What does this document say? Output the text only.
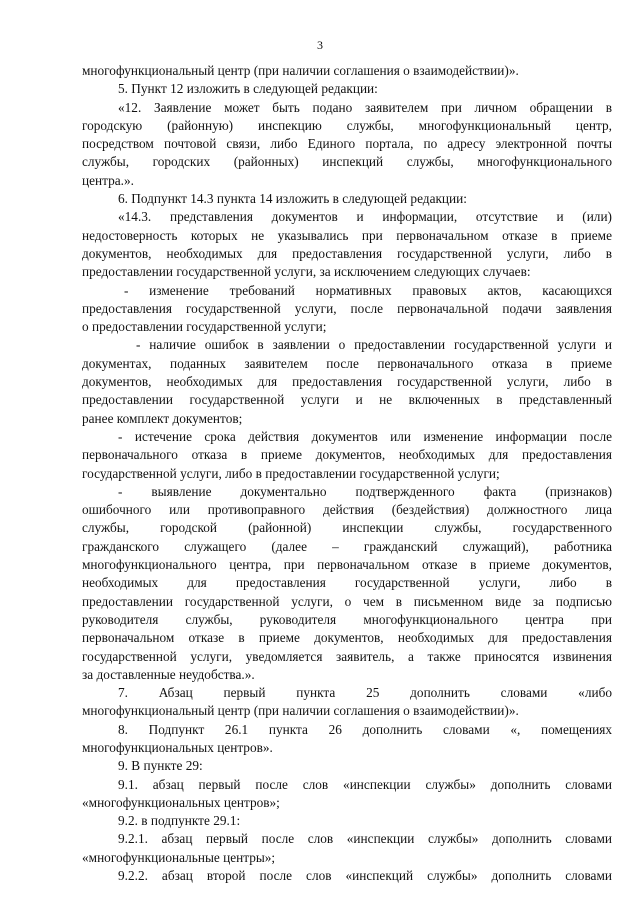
3
многофункциональный центр (при наличии соглашения о взаимодействии)».
5. Пункт 12 изложить в следующей редакции:
«12. Заявление может быть подано заявителем при личном обращении в
городскую (районную) инспекцию службы, многофункциональный центр,
посредством почтовой связи, либо Единого портала, по адресу электронной почты
службы, городских (районных) инспекций службы, многофункционального
центра.».
6. Подпункт 14.3 пункта 14 изложить в следующей редакции:
«14.3. представления документов и информации, отсутствие и (или)
недостоверность которых не указывались при первоначальном отказе в приеме
документов, необходимых для предоставления государственной услуги, либо в
предоставлении государственной услуги, за исключением следующих случаев:
- изменение требований нормативных правовых актов, касающихся
предоставления государственной услуги, после первоначальной подачи заявления
о предоставлении государственной услуги;
- наличие ошибок в заявлении о предоставлении государственной услуги и
документах, поданных заявителем после первоначального отказа в приеме
документов, необходимых для предоставления государственной услуги, либо в
предоставлении государственной услуги и не включенных в представленный
ранее комплект документов;
- истечение срока действия документов или изменение информации после
первоначального отказа в приеме документов, необходимых для предоставления
государственной услуги, либо в предоставлении государственной услуги;
- выявление документально подтвержденного факта (признаков)
ошибочного или противоправного действия (бездействия) должностного лица
службы, городской (районной) инспекции службы, государственного
гражданского служащего (далее – гражданский служащий), работника
многофункционального центра, при первоначальном отказе в приеме документов,
необходимых для предоставления государственной услуги, либо в
предоставлении государственной услуги, о чем в письменном виде за подписью
руководителя службы, руководителя многофункционального центра при
первоначальном отказе в приеме документов, необходимых для предоставления
государственной услуги, уведомляется заявитель, а также приносятся извинения
за доставленные неудобства.».
7. Абзац первый пункта 25 дополнить словами «либо
многофункциональный центр (при наличии соглашения о взаимодействии)».
8. Подпункт 26.1 пункта 26 дополнить словами «, помещениях
многофункциональных центров».
9. В пункте 29:
9.1. абзац первый после слов «инспекции службы» дополнить словами
«многофункциональных центров»;
9.2. в подпункте 29.1:
9.2.1. абзац первый после слов «инспекции службы» дополнить словами
«многофункциональные центры»;
9.2.2. абзац второй после слов «инспекций службы» дополнить словами
